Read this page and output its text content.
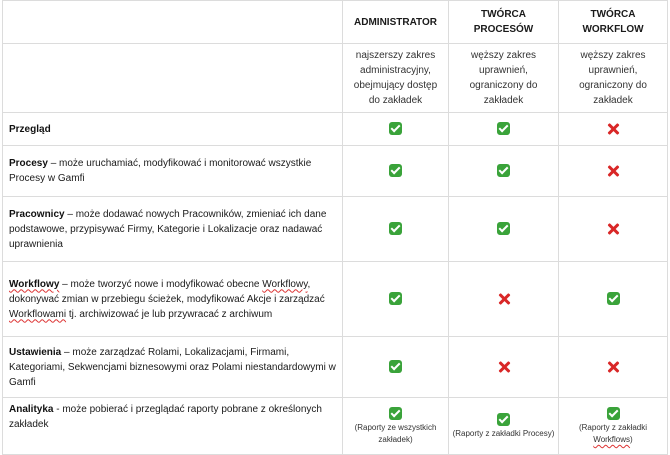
	ADMINISTRATOR	TWÓRCA PROCESÓW	TWÓRCA WORKFLOW
	najszerszy zakres administracyjny, obejmujący dostęp do zakładek	węższy zakres uprawnień, ograniczony do zakładek	węższy zakres uprawnień, ograniczony do zakładek
Przegląd			
Procesy – może uruchamiać, modyfikować i monitorować wszystkie Procesy w Gamfi			
Pracownicy – może dodawać nowych Pracowników, zmieniać ich dane podstawowe, przypisywać Firmy, Kategorie i Lokalizacje oraz nadawać uprawnienia			
Workflowy – może tworzyć nowe i modyfikować obecne Workflowy, dokonywać zmian w przebiegu ścieżek, modyfikować Akcje i zarządzać Workflowami tj. archiwizować je lub przywracać z archiwum			
Ustawienia – może zarządzać Rolami, Lokalizacjami, Firmami, Kategoriami, Sekwencjami biznesowymi oraz Polami niestandardowymi w Gamfi			
Analityka - może pobierać i przeglądać raporty pobrane z określonych zakładek	(Raporty ze wszystkich zakładek)	(Raporty z zakładki Procesy)	(Raporty z zakładki Workflows)
